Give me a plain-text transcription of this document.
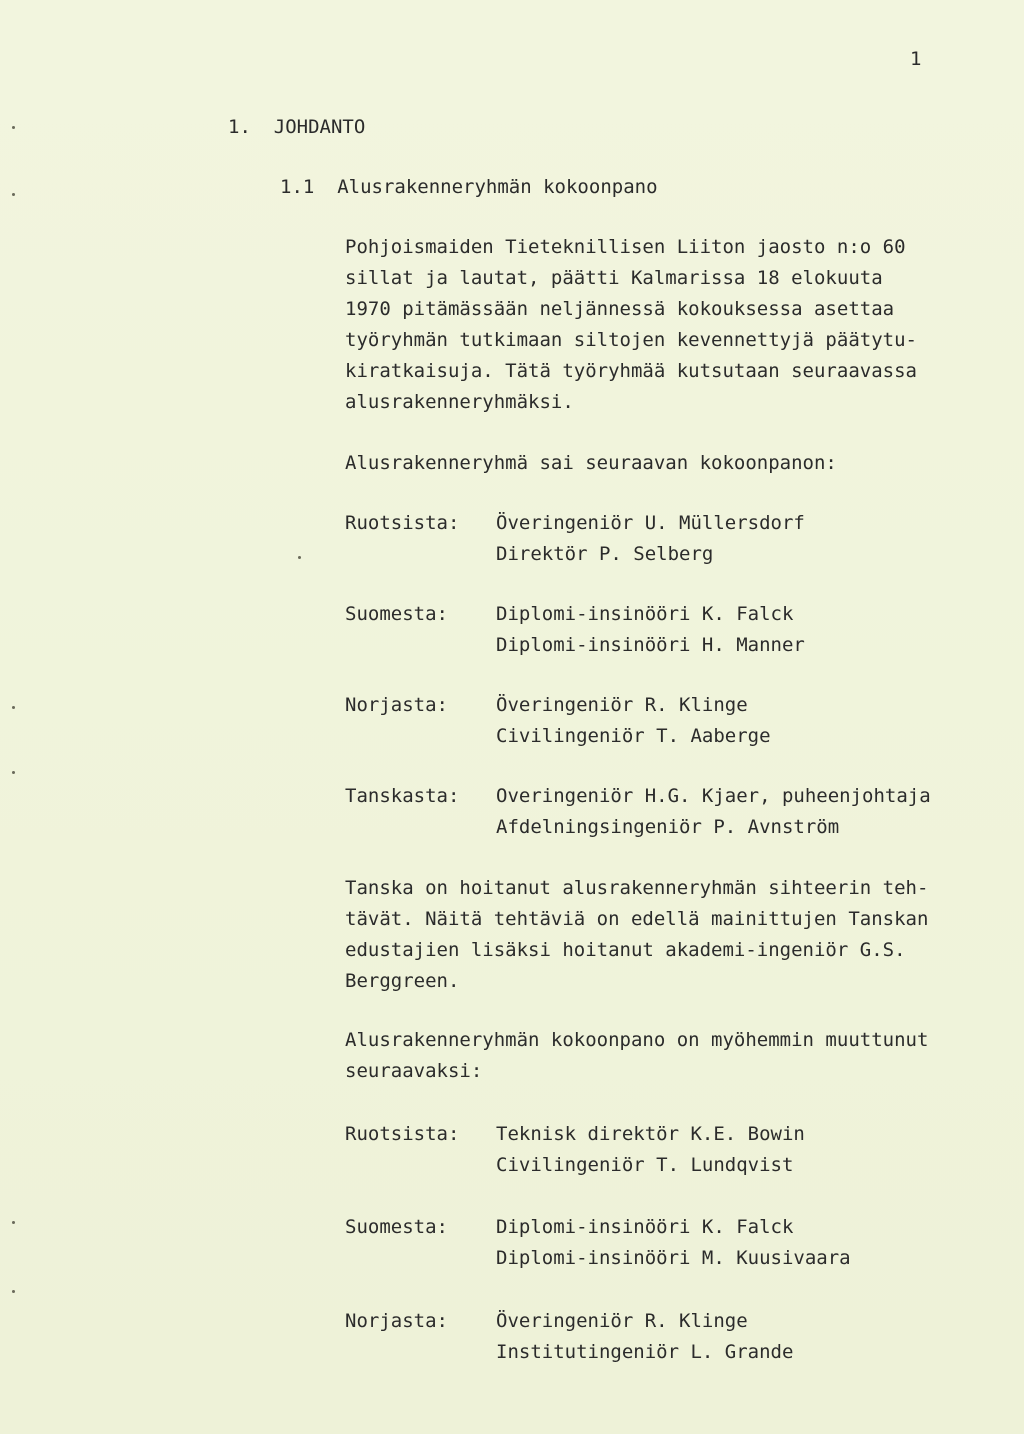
1
1. JOHDANTO
1.1 Alusrakenneryhmän kokoonpano
Pohjoismaiden Tieteknillisen Liiton jaosto n:o 60
sillat ja lautat, päätti Kalmarissa 18 elokuuta
1970 pitämässään neljännessä kokouksessa asettaa
työryhmän tutkimaan siltojen kevennettyjä päätytu-
kiratkaisuja. Tätä työryhmää kutsutaan seuraavassa
alusrakenneryhmäksi.
Alusrakenneryhmä sai seuraavan kokoonpanon:
Ruotsista: Överingeniör U. Müllersdorf
Direktör P. Selberg
Suomesta:	Diplomi-insinööri K. Falck
Diplomi-insinööri H. Manner
Norjasta:	Överingeniör R. Klinge
Civilingeniör T. Aaberge
Tanskasta: Overingeniör H.G. Kjaer, puheenjohtaja
Afdelningsingeniör P. Avnström
Tanska on hoitanut alusrakenneryhmän sihteerin teh-
tävät. Näitä tehtäviä on edellä mainittujen Tanskan
edustajien lisäksi hoitanut akademi-ingeniör G.S.
Berggreen.
Alusrakenneryhmän kokoonpano on myöhemmin muuttunut
seuraavaksi:
Ruotsista: Teknisk direktör K.E. Bowin
Civilingeniör T. Lundqvist
Suomesta:	Diplomi-insinööri K. Falck
Diplomi-insinööri M. Kuusivaara
Norjasta:	Överingeniör R. Klinge
Institutingeniör L. Grande
